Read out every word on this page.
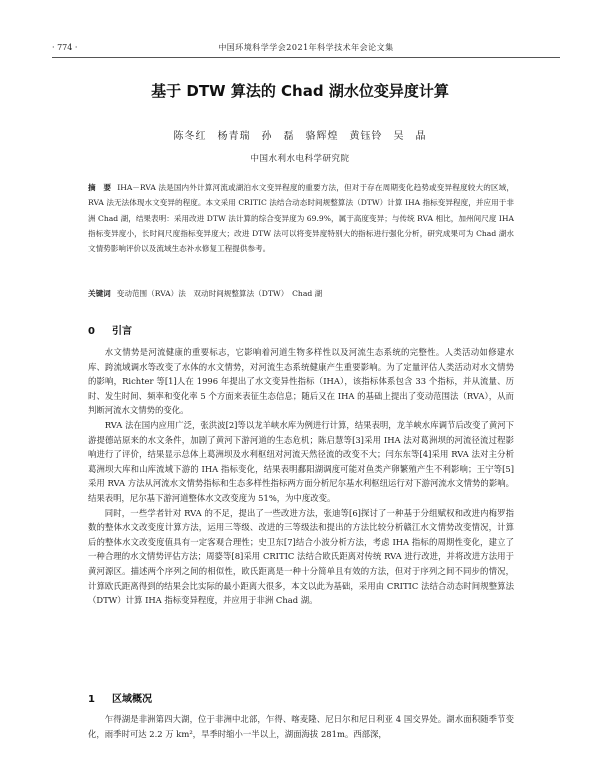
· 774 ·	中国环境科学学会2021年科学技术年会论文集
基于 DTW 算法的 Chad 湖水位变异度计算
陈冬红　杨青瑞　孙　磊　骆辉煌　黄钰铃　吴　晶
中国水利水电科学研究院
摘　要 IHA－RVA 法是国内外计算河流或湖泊水文变异程度的重要方法，但对于存在周期变化趋势或变异程度较大的区域，RVA 法无法体现水文变异的程度。本文采用 CRITIC 法结合动态时间规整算法（DTW）计算 IHA 指标变异程度，并应用于非洲 Chad 湖，结果表明：采用改进 DTW 法计算的综合变异度为 69.9%，属于高度变异；与传统 RVA 相比，加州间尺度 IHA 指标变异度小，长时间尺度指标变异度大；改进 DTW 法可以将变异度特别大的指标进行强化分析，研究成果可为 Chad 湖水文情势影响评价以及流域生态补水修复工程提供参考。
关键词 变动范围（RVA）法　双动时间规整算法（DTW）　Chad 湖
0 引言

水文情势是河流健康的重要标志，它影响着河道生物多样性以及河流生态系统的完整性。人类活动如修建水库、跨流域调水等改变了水体的水文情势，对河流生态系统健康产生重要影响。为了定量评估人类活动对水文情势的影响，Richter 等[1]人在 1996 年提出了水文变异性指标（IHA），该指标体系包含 33 个指标，并从流量、历时、发生时间、频率和变化率 5 个方面来表征生态信息；随后又在 IHA 的基础上提出了变动范围法（RVA），从而判断河流水文情势的变化。

RVA 法在国内应用广泛，张洪波[2]等以龙羊峡水库为例进行计算，结果表明，龙羊峡水库调节后改变了黄河下游提德站原来的水文条件，加剧了黄河下游河道的生态危机；陈启慧等[3]采用 IHA 法对葛洲坝的河流径流过程影响进行了评价，结果显示总体上葛洲坝及水利枢纽对河流天然径流的改变不大；闫东东等[4]采用 RVA 法对主分析葛洲坝大库和山库流域下游的 IHA 指标变化，结果表明鄱阳湖调度可能对鱼类产卵繁殖产生不利影响；王宁等[5]采用 RVA 方法从河流水文情势指标和生态多样性指标两方面分析尼尔基水利枢纽运行对下游河流水文情势的影响。结果表明，尼尔基下游河道整体水文改变度为 51%，为中度改变。

同时，一些学者针对 RVA 的不足，提出了一些改进方法，张迪等[6]探讨了一种基于分组赋权和改进内梅罗指数的整体水文改变度计算方法，运用三等级、改进的三等级法和提出的方法比较分析赣江水文情势改变情况，计算后的整体水文改变度值具有一定客观合理性；史卫东[7]结合小波分析方法，考虑 IHA 指标的周期性变化，建立了一种合理的水文情势评估方法；周婆等[8]采用 CRITIC 法结合欧氏距离对传统 RVA 进行改进，并将改进方法用于黄河源区。描述两个序列之间的相似性，欧氏距离是一种十分简单且有效的方法，但对于序列之间不同步的情况，计算欧氏距离得到的结果会比实际的最小距离大很多，本文以此为基础，采用由 CRITIC 法结合动态时间规整算法（DTW）计算 IHA 指标变异程度，并应用于非洲 Chad 湖。

1 区域概况

乍得湖是非洲第四大湖，位于非洲中北部，乍得、喀麦隆、尼日尔和尼日利亚 4 国交界处。湖水面积随季节变化，雨季时可达 2.2 万 km²，旱季时缩小一半以上，湖面海拔 281m。西部深，
